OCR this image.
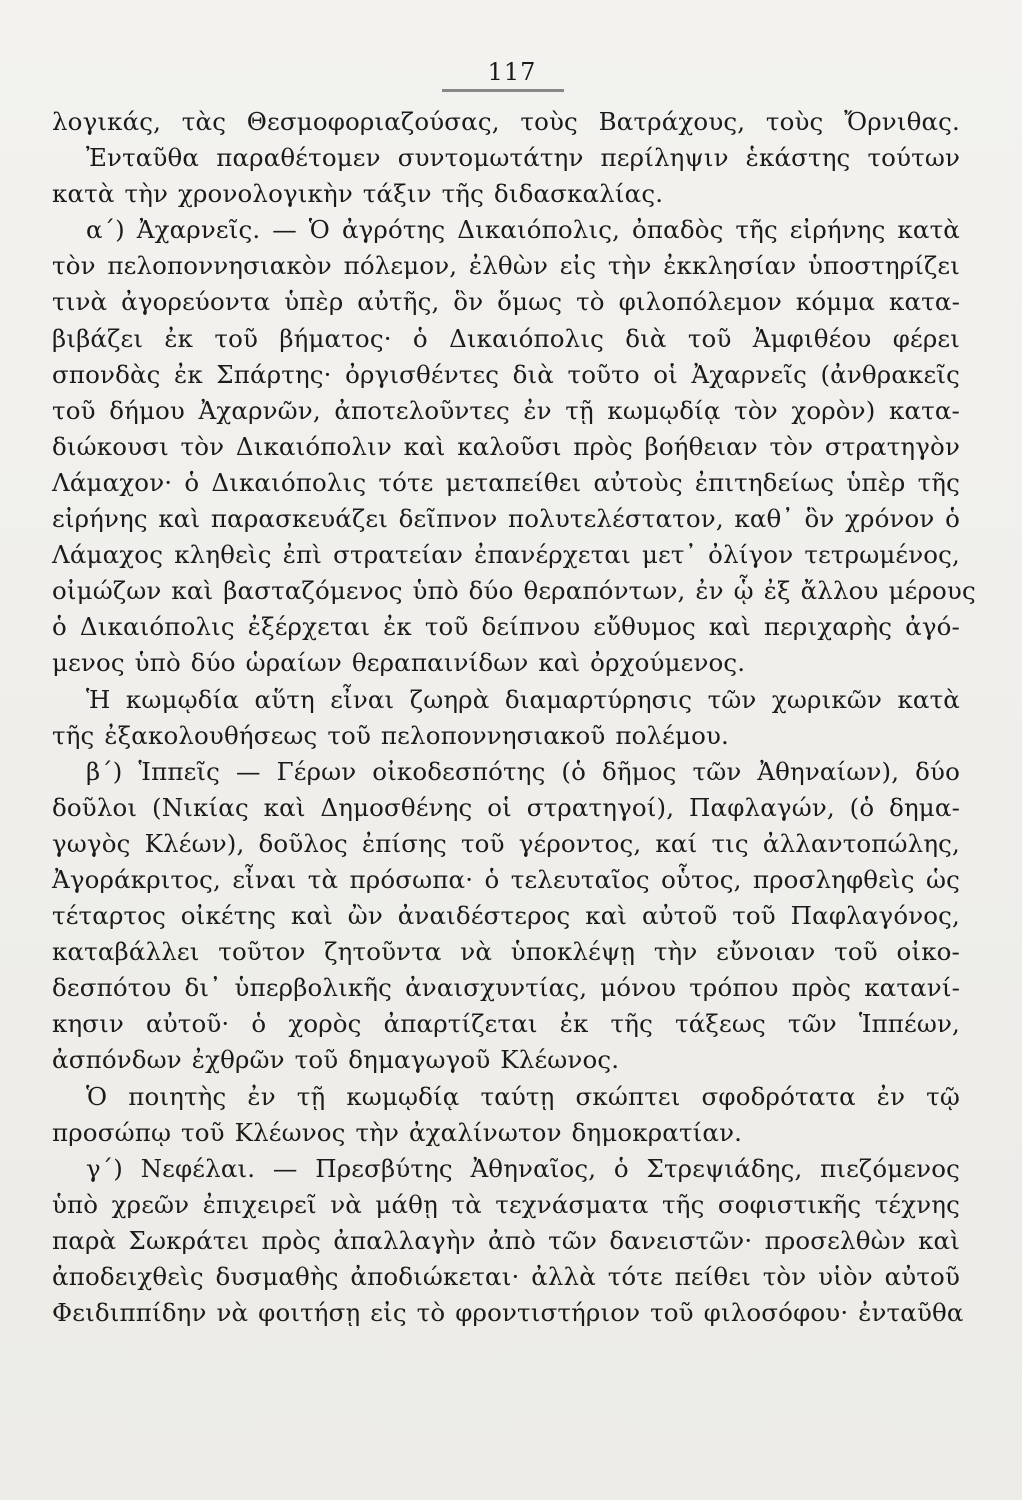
117
λογικάς, τὰς Θεσμοφοριαζούσας, τοὺς Βατράχους, τοὺς Ὄρνιθας.
Ἐνταῦθα παραθέτομεν συντομωτάτην περίληψιν ἑκάστης τούτων
κατὰ τὴν χρονολογικὴν τάξιν τῆς διδασκαλίας.
α΄) Ἀχαρνεῖς. — Ὁ ἀγρότης Δικαιόπολις, ὀπαδὸς τῆς εἰρήνης κατὰ
τὸν πελοποννησιακὸν πόλεμον, ἐλθὼν εἰς τὴν ἐκκλησίαν ὑποστηρίζει
τινὰ ἀγορεύοντα ὑπὲρ αὐτῆς, ὃν ὅμως τὸ φιλοπόλεμον κόμμα κατα-
βιβάζει ἐκ τοῦ βήματος· ὁ Δικαιόπολις διὰ τοῦ Ἀμφιθέου φέρει
σπονδὰς ἐκ Σπάρτης· ὀργισθέντες διὰ τοῦτο οἱ Ἀχαρνεῖς (ἀνθρακεῖς
τοῦ δήμου Ἀχαρνῶν, ἀποτελοῦντες ἐν τῇ κωμῳδίᾳ τὸν χορὸν) κατα-
διώκουσι τὸν Δικαιόπολιν καὶ καλοῦσι πρὸς βοήθειαν τὸν στρατηγὸν
Λάμαχον· ὁ Δικαιόπολις τότε μεταπείθει αὐτοὺς ἐπιτηδείως ὑπὲρ τῆς
εἰρήνης καὶ παρασκευάζει δεῖπνον πολυτελέστατον, καθ᾽ ὃν χρόνον ὁ
Λάμαχος κληθεὶς ἐπὶ στρατείαν ἐπανέρχεται μετ᾽ ὀλίγον τετρωμένος,
οἰμώζων καὶ βασταζόμενος ὑπὸ δύο θεραπόντων, ἐν ᾧ ἐξ ἄλλου μέρους
ὁ Δικαιόπολις ἐξέρχεται ἐκ τοῦ δείπνου εὔθυμος καὶ περιχαρὴς ἀγό-
μενος ὑπὸ δύο ὡραίων θεραπαινίδων καὶ ὀρχούμενος.
Ἡ κωμῳδία αὕτη εἶναι ζωηρὰ διαμαρτύρησις τῶν χωρικῶν κατὰ
τῆς ἐξακολουθήσεως τοῦ πελοποννησιακοῦ πολέμου.
β΄) Ἱππεῖς — Γέρων οἰκοδεσπότης (ὁ δῆμος τῶν Ἀθηναίων), δύο
δοῦλοι (Νικίας καὶ Δημοσθένης οἱ στρατηγοί), Παφλαγών, (ὁ δημα-
γωγὸς Κλέων), δοῦλος ἐπίσης τοῦ γέροντος, καί τις ἀλλαντοπώλης,
Ἀγοράκριτος, εἶναι τὰ πρόσωπα· ὁ τελευταῖος οὗτος, προσληφθεὶς ὡς
τέταρτος οἰκέτης καὶ ὢν ἀναιδέστερος καὶ αὐτοῦ τοῦ Παφλαγόνος,
καταβάλλει τοῦτον ζητοῦντα νὰ ὑποκλέψῃ τὴν εὔνοιαν τοῦ οἰκο-
δεσπότου δι᾽ ὑπερβολικῆς ἀναισχυντίας, μόνου τρόπου πρὸς κατανί-
κησιν αὐτοῦ· ὁ χορὸς ἀπαρτίζεται ἐκ τῆς τάξεως τῶν Ἱππέων,
ἀσπόνδων ἐχθρῶν τοῦ δημαγωγοῦ Κλέωνος.
Ὁ ποιητὴς ἐν τῇ κωμῳδίᾳ ταύτῃ σκώπτει σφοδρότατα ἐν τῷ
προσώπῳ τοῦ Κλέωνος τὴν ἀχαλίνωτον δημοκρατίαν.
γ΄) Νεφέλαι. — Πρεσβύτης Ἀθηναῖος, ὁ Στρεψιάδης, πιεζόμενος
ὑπὸ χρεῶν ἐπιχειρεῖ νὰ μάθῃ τὰ τεχνάσματα τῆς σοφιστικῆς τέχνης
παρὰ Σωκράτει πρὸς ἀπαλλαγὴν ἀπὸ τῶν δανειστῶν· προσελθὼν καὶ
ἀποδειχθεὶς δυσμαθὴς ἀποδιώκεται· ἀλλὰ τότε πείθει τὸν υἱὸν αὐτοῦ
Φειδιππίδην νὰ φοιτήσῃ εἰς τὸ φροντιστήριον τοῦ φιλοσόφου· ἐνταῦθα
